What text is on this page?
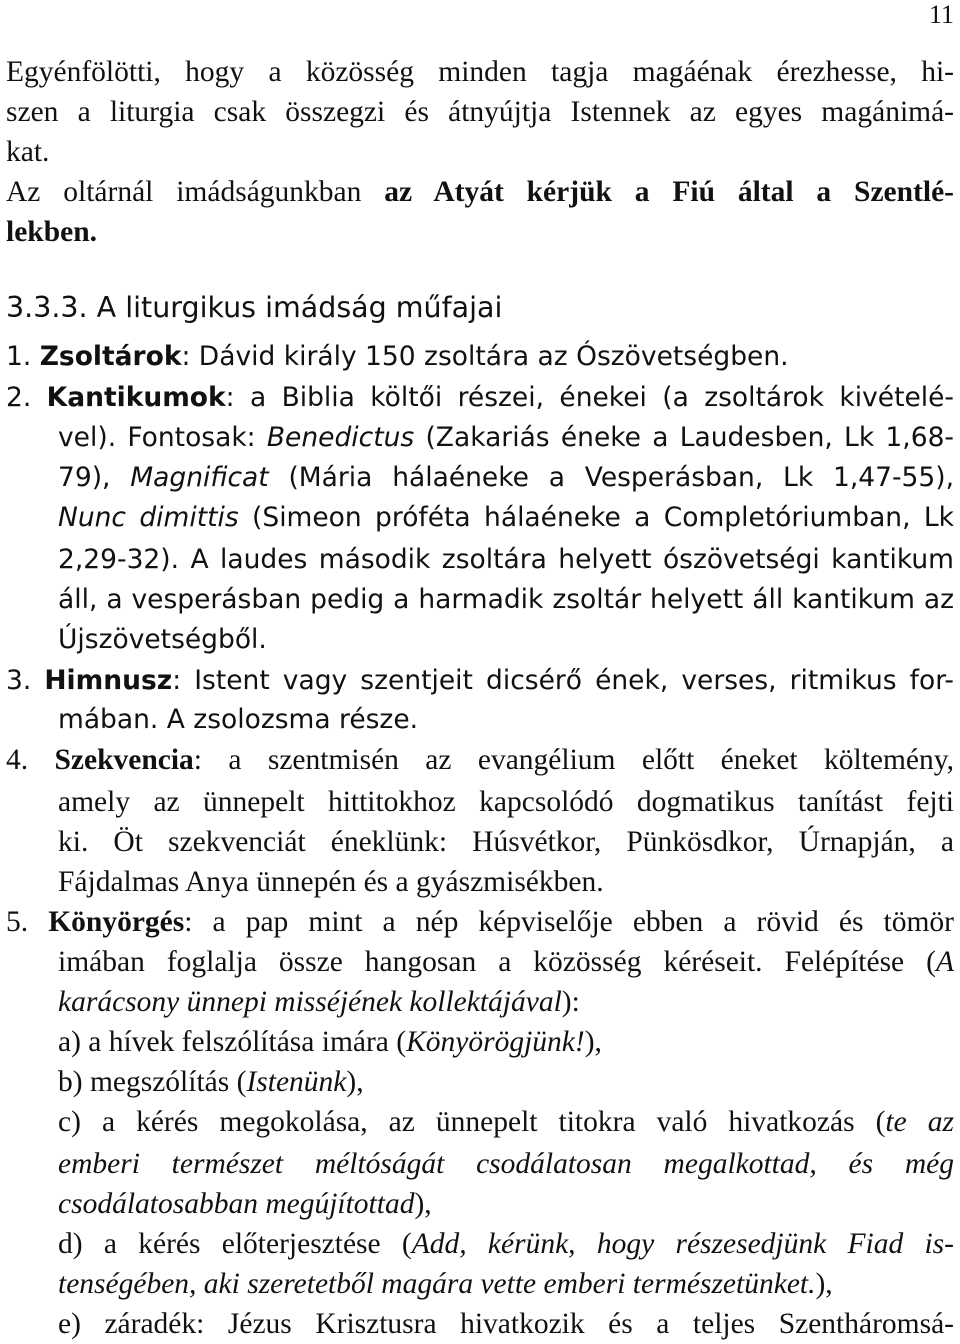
11
Egyénfölötti, hogy a közösség minden tagja magáénak érezhesse, hi-
szen a liturgia csak összegzi és átnyújtja Istennek az egyes magánimá-
kat.
Az oltárnál imádságunkban az Atyát kérjük a Fiú által a Szentlé-
lekben.
3.3.3. A liturgikus imádság műfajai
1. Zsoltárok: Dávid király 150 zsoltára az Ószövetségben.
2. Kantikumok: a Biblia költői részei, énekei (a zsoltárok kivételé-
vel). Fontosak: Benedictus (Zakariás éneke a Laudesben, Lk 1,68-
79), Magnificat (Mária hálaéneke a Vesperásban, Lk 1,47-55),
Nunc dimittis (Simeon próféta hálaéneke a Completóriumban, Lk
2,29-32). A laudes második zsoltára helyett ószövetségi kantikum
áll, a vesperásban pedig a harmadik zsoltár helyett áll kantikum az
Újszövetségből.
3. Himnusz: Istent vagy szentjeit dicsérő ének, verses, ritmikus for-
mában. A zsolozsma része.
4. Szekvencia: a szentmisén az evangélium előtt éneket költemény,
amely az ünnepelt hittitokhoz kapcsolódó dogmatikus tanítást fejti
ki. Öt szekvenciát éneklünk: Húsvétkor, Pünkösdkor, Úrnapján, a
Fájdalmas Anya ünnepén és a gyászmisékben.
5. Könyörgés: a pap mint a nép képviselője ebben a rövid és tömör
imában foglalja össze hangosan a közösség kéréseit. Felépítése (A
karácsony ünnepi misséjének kollektájával):
a) a hívek felszólítása imára (Könyörögjünk!),
b) megszólítás (Istenünk),
c) a kérés megokolása, az ünnepelt titokra való hivatkozás (te az
emberi természet méltóságát csodálatosan megalkottad, és még
csodálatosabban megújítottad),
d) a kérés előterjesztése (Add, kérünk, hogy részesedjünk Fiad is-
tenségében, aki szeretetből magára vette emberi természetünket.),
e) záradék: Jézus Krisztusra hivatkozik és a teljes Szentháromsá-
